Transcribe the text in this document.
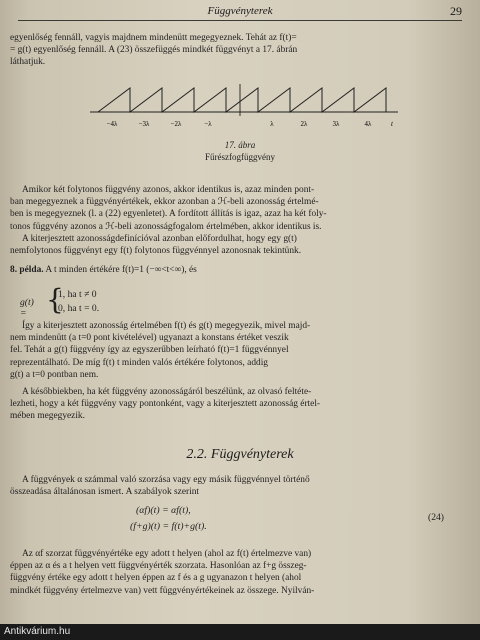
Függvényterek	29

egyenlőség fennáll, vagyis majdnem mindenütt megegyeznek. Tehát az f(t)=

= g(t) egyenlőség fennáll. A (23) összefüggés mindkét függvényt a 17. ábrán

láthatjuk.

−4λ	−3λ	−2λ	−λ	λ	2λ	3λ	4λ	t
17. ábra
Fűrészfogfüggvény

Amikor két folytonos függvény azonos, akkor identikus is, azaz minden pont-

ban megegyeznek a függvényértékek, ekkor azonban a ℋ-beli azonosság értelmé-

ben is megegyeznek (l. a (22) egyenletet). A fordított állítás is igaz, azaz ha két foly-

tonos függvény azonos a ℋ-beli azonosságfogalom értelmében, akkor identikus is.

A kiterjesztett azonosságdefinícióval azonban előfordulhat, hogy egy g(t)

nemfolytonos függvényt egy f(t) folytonos függvénnyel azonosnak tekintünk.

8. példa. A t minden értékére f(t)=1 (−∞<t<∞), és

g(t) = {
1, ha t ≠ 0
0, ha t = 0.

Így a kiterjesztett azonosság értelmében f(t) és g(t) megegyezik, mivel majd-

nem mindenütt (a t=0 pont kivételével) ugyanazt a konstans értéket veszik

fel. Tehát a g(t) függvény így az egyszerűbben leírható f(t)=1 függvénnyel

reprezentálható. De míg f(t) t minden valós értékére folytonos, addig

g(t) a t=0 pontban nem.

A későbbiekben, ha két függvény azonosságáról beszélünk, az olvasó feltéte-

lezheti, hogy a két függvény vagy pontonként, vagy a kiterjesztett azonosság értel-

mében megegyezik.

2.2. Függvényterek

A függvények α számmal való szorzása vagy egy másik függvénnyel történő

összeadása általánosan ismert. A szabályok szerint

(αf)(t) = αf(t),
(f+g)(t) = f(t)+g(t).
(24)

Az αf szorzat függvényértéke egy adott t helyen (ahol az f(t) értelmezve van)

éppen az α és a t helyen vett függvényérték szorzata. Hasonlóan az f+g összeg-

függvény értéke egy adott t helyen éppen az f és a g ugyanazon t helyen (ahol

mindkét függvény értelmezve van) vett függvényértékeinek az összege. Nyilván-

Antikvárium.hu
